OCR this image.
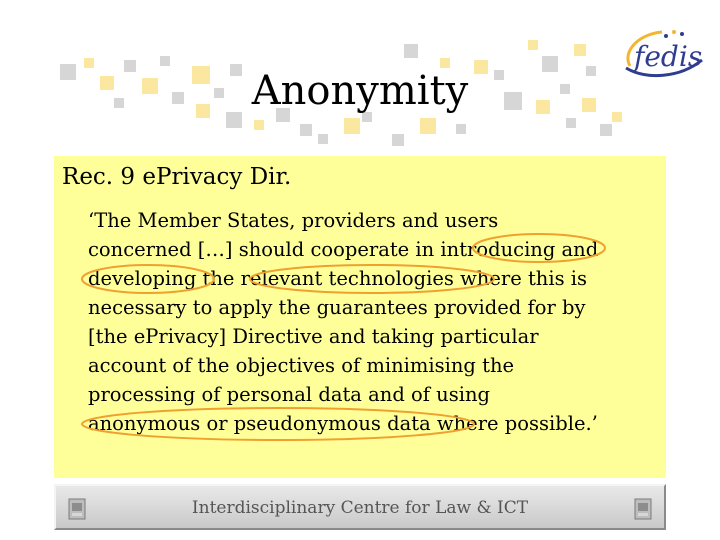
fedis
Anonymity
Rec. 9 ePrivacy Dir.
‘The Member States, providers and users
concerned […] should cooperate in introducing and
developing the relevant technologies where this is
necessary to apply the guarantees provided for by
[the ePrivacy] Directive and taking particular
account of the objectives of minimising the
processing of personal data and of using
anonymous or pseudonymous data where possible.’
Interdisciplinary Centre for Law & ICT
